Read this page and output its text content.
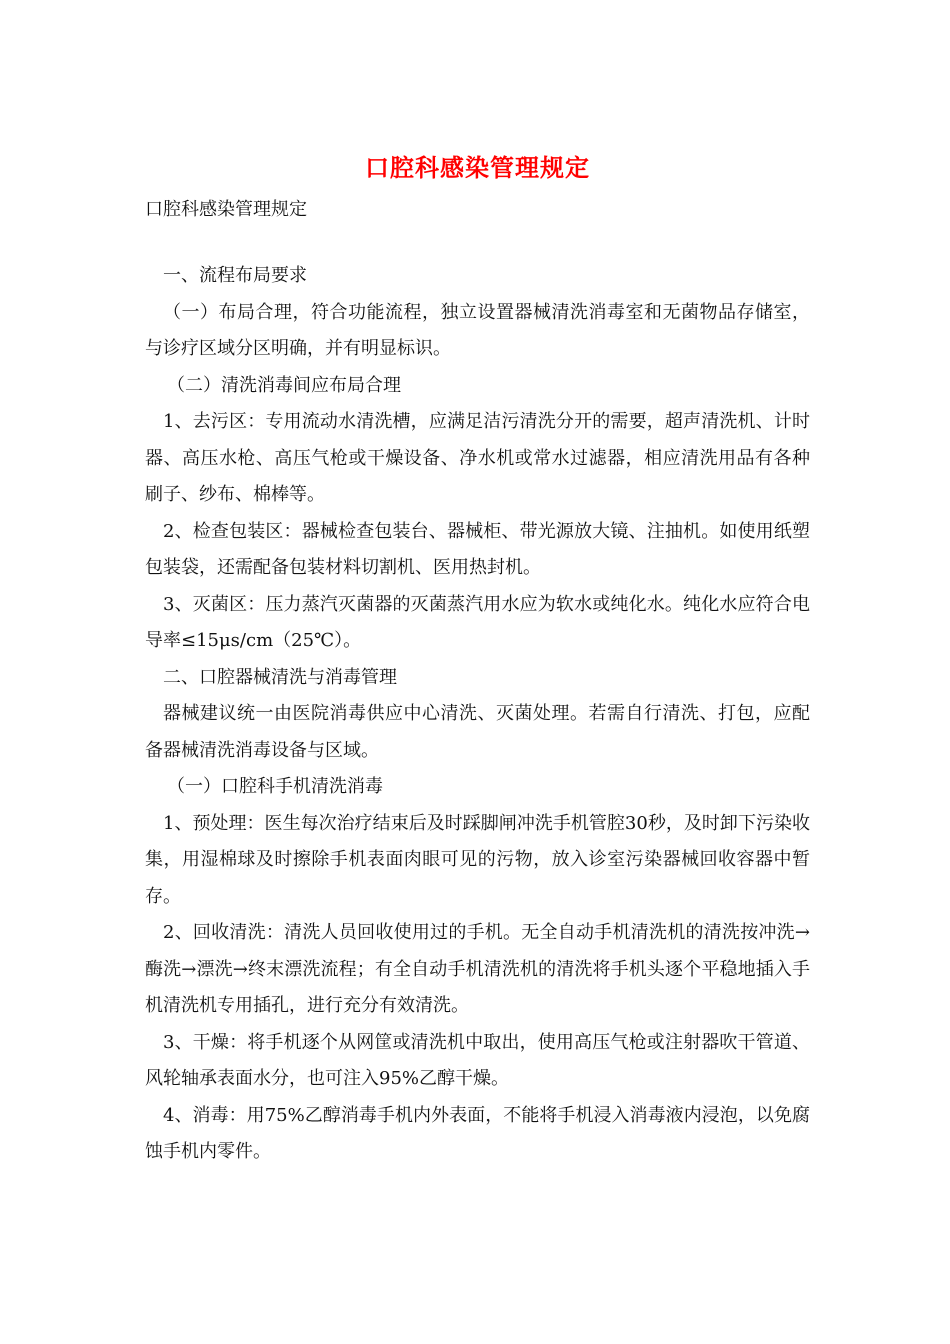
口腔科感染管理规定
口腔科感染管理规定

一、流程布局要求

（一）布局合理，符合功能流程，独立设置器械清洗消毒室和无菌物品存储室，与诊疗区域分区明确，并有明显标识。

（二）清洗消毒间应布局合理

1、去污区：专用流动水清洗槽，应满足洁污清洗分开的需要，超声清洗机、计时器、高压水枪、高压气枪或干燥设备、净水机或常水过滤器，相应清洗用品有各种刷子、纱布、棉棒等。

2、检查包装区：器械检查包装台、器械柜、带光源放大镜、注抽机。如使用纸塑包装袋，还需配备包装材料切割机、医用热封机。

3、灭菌区：压力蒸汽灭菌器的灭菌蒸汽用水应为软水或纯化水。纯化水应符合电导率≤15μs/cm（25℃）。

二、口腔器械清洗与消毒管理

器械建议统一由医院消毒供应中心清洗、灭菌处理。若需自行清洗、打包，应配备器械清洗消毒设备与区域。

（一）口腔科手机清洗消毒

1、预处理：医生每次治疗结束后及时踩脚闸冲洗手机管腔30秒，及时卸下污染收集，用湿棉球及时擦除手机表面肉眼可见的污物，放入诊室污染器械回收容器中暂存。

2、回收清洗：清洗人员回收使用过的手机。无全自动手机清洗机的清洗按冲洗→酶洗→漂洗→终末漂洗流程；有全自动手机清洗机的清洗将手机头逐个平稳地插入手机清洗机专用插孔，进行充分有效清洗。

3、干燥：将手机逐个从网筐或清洗机中取出，使用高压气枪或注射器吹干管道、风轮轴承表面水分，也可注入95%乙醇干燥。

4、消毒：用75%乙醇消毒手机内外表面，不能将手机浸入消毒液内浸泡，以免腐蚀手机内零件。
